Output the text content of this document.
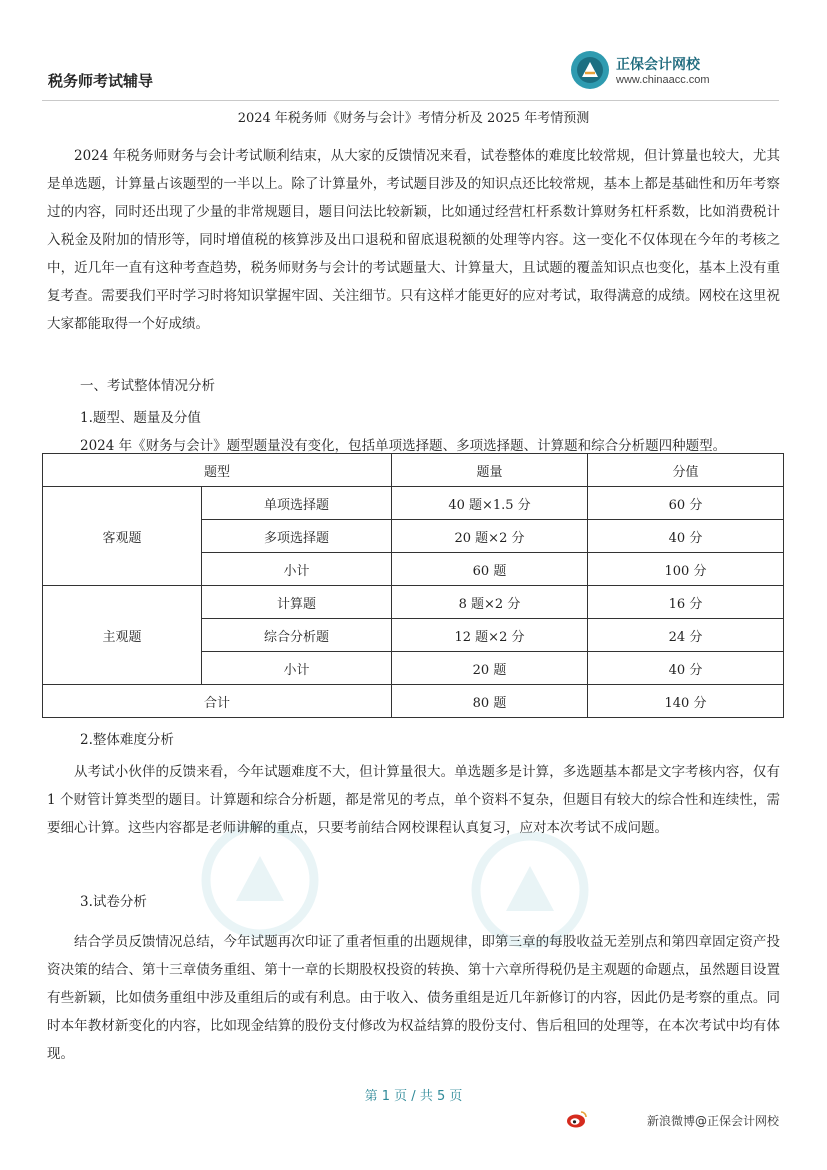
税务师考试辅导
正保会计网校
www.chinaacc.com
2024 年税务师《财务与会计》考情分析及 2025 年考情预测

2024 年税务师财务与会计考试顺利结束，从大家的反馈情况来看，试卷整体的难度比较常规，但计算量也较大，尤其是单选题，计算量占该题型的一半以上。除了计算量外，考试题目涉及的知识点还比较常规，基本上都是基础性和历年考察过的内容，同时还出现了少量的非常规题目，题目问法比较新颖，比如通过经营杠杆系数计算财务杠杆系数，比如消费税计入税金及附加的情形等，同时增值税的核算涉及出口退税和留底退税额的处理等内容。这一变化不仅体现在今年的考核之中，近几年一直有这种考查趋势，税务师财务与会计的考试题量大、计算量大，且试题的覆盖知识点也变化，基本上没有重复考查。需要我们平时学习时将知识掌握牢固、关注细节。只有这样才能更好的应对考试，取得满意的成绩。网校在这里祝大家都能取得一个好成绩。

一、考试整体情况分析

1.题型、题量及分值

2024 年《财务与会计》题型题量没有变化，包括单项选择题、多项选择题、计算题和综合分析题四种题型。

题型		题量	分值
客观题	单项选择题	40 题×1.5 分	60 分
	多项选择题	20 题×2 分	40 分
	小计	60 题	100 分
主观题	计算题	8 题×2 分	16 分
	综合分析题	12 题×2 分	24 分
	小计	20 题	40 分
合计		80 题	140 分

2.整体难度分析

从考试小伙伴的反馈来看，今年试题难度不大，但计算量很大。单选题多是计算，多选题基本都是文字考核内容，仅有 1 个财管计算类型的题目。计算题和综合分析题，都是常见的考点，单个资料不复杂，但题目有较大的综合性和连续性，需要细心计算。这些内容都是老师讲解的重点，只要考前结合网校课程认真复习，应对本次考试不成问题。

3.试卷分析

结合学员反馈情况总结，今年试题再次印证了重者恒重的出题规律，即第三章的每股收益无差别点和第四章固定资产投资决策的结合、第十三章债务重组、第十一章的长期股权投资的转换、第十六章所得税仍是主观题的命题点，虽然题目设置有些新颖，比如债务重组中涉及重组后的或有利息。由于收入、债务重组是近几年新修订的内容，因此仍是考察的重点。同时本年教材新变化的内容，比如现金结算的股份支付修改为权益结算的股份支付、售后租回的处理等，在本次考试中均有体现。

第 1 页 / 共 5 页
新浪微博@正保会计网校
